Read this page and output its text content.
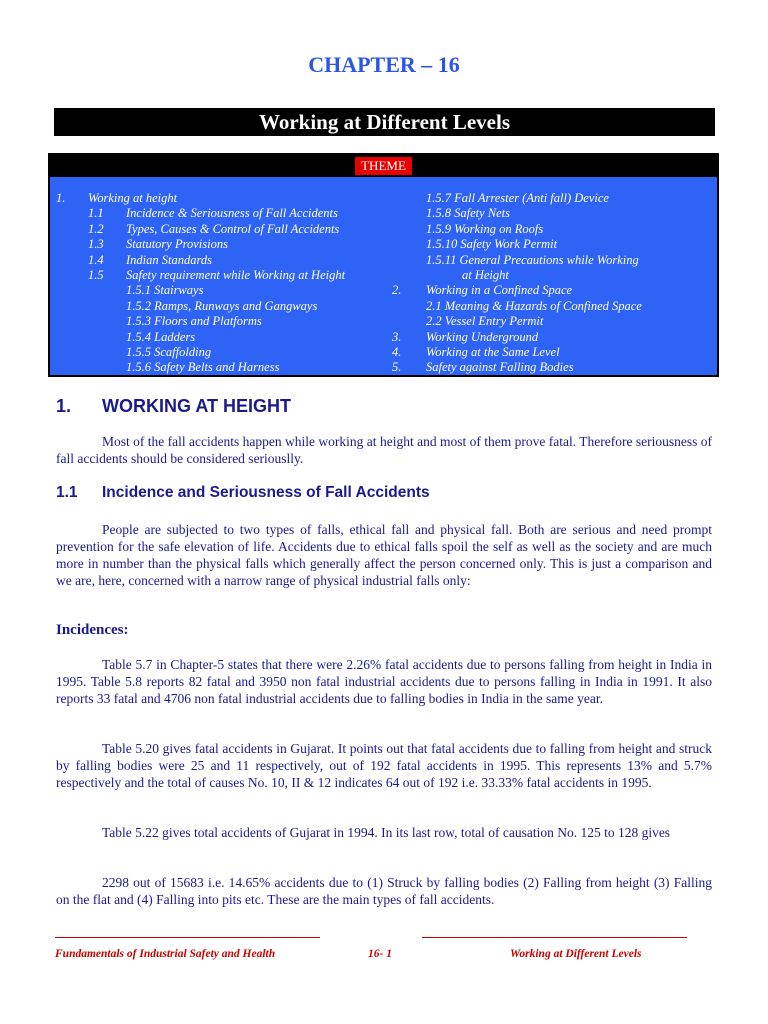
CHAPTER – 16
Working at Different Levels
THEME
1. Working at height
1.1 Incidence & Seriousness of Fall Accidents
1.2 Types, Causes & Control of Fall Accidents
1.3 Statutory Provisions
1.4 Indian Standards
1.5 Safety requirement while Working at Height
1.5.1 Stairways
1.5.2 Ramps, Runways and Gangways
1.5.3 Floors and Platforms
1.5.4 Ladders
1.5.5 Scaffolding
1.5.6 Safety Belts and Harness
1.5.7 Fall Arrester (Anti fall) Device
1.5.8 Safety Nets
1.5.9 Working on Roofs
1.5.10 Safety Work Permit
1.5.11 General Precautions while Working
at Height
2. Working in a Confined Space
2.1 Meaning & Hazards of Confined Space
2.2 Vessel Entry Permit
3. Working Underground
4. Working at the Same Level
5. Safety against Falling Bodies
1. WORKING AT HEIGHT
Most of the fall accidents happen while working at height and most of them prove fatal. Therefore seriousness of fall accidents should be considered seriouslly.
1.1 Incidence and Seriousness of Fall Accidents
People are subjected to two types of falls, ethical fall and physical fall. Both are serious and need prompt prevention for the safe elevation of life. Accidents due to ethical falls spoil the self as well as the society and are much more in number than the physical falls which generally affect the person concerned only. This is just a comparison and we are, here, concerned with a narrow range of physical industrial falls only:
Incidences:
Table 5.7 in Chapter-5 states that there were 2.26% fatal accidents due to persons falling from height in India in 1995. Table 5.8 reports 82 fatal and 3950 non fatal industrial accidents due to persons falling in India in 1991. It also reports 33 fatal and 4706 non fatal industrial accidents due to falling bodies in India in the same year.
Table 5.20 gives fatal accidents in Gujarat. It points out that fatal accidents due to falling from height and struck by falling bodies were 25 and 11 respectively, out of 192 fatal accidents in 1995. This represents 13% and 5.7% respectively and the total of causes No. 10, II & 12 indicates 64 out of 192 i.e. 33.33% fatal accidents in 1995.
Table 5.22 gives total accidents of Gujarat in 1994. In its last row, total of causation No. 125 to 128 gives
2298 out of 15683 i.e. 14.65% accidents due to (1) Struck by falling bodies (2) Falling from height (3) Falling on the flat and (4) Falling into pits etc. These are the main types of fall accidents.
Fundamentals of Industrial Safety and Health	16- 1	Working at Different Levels
